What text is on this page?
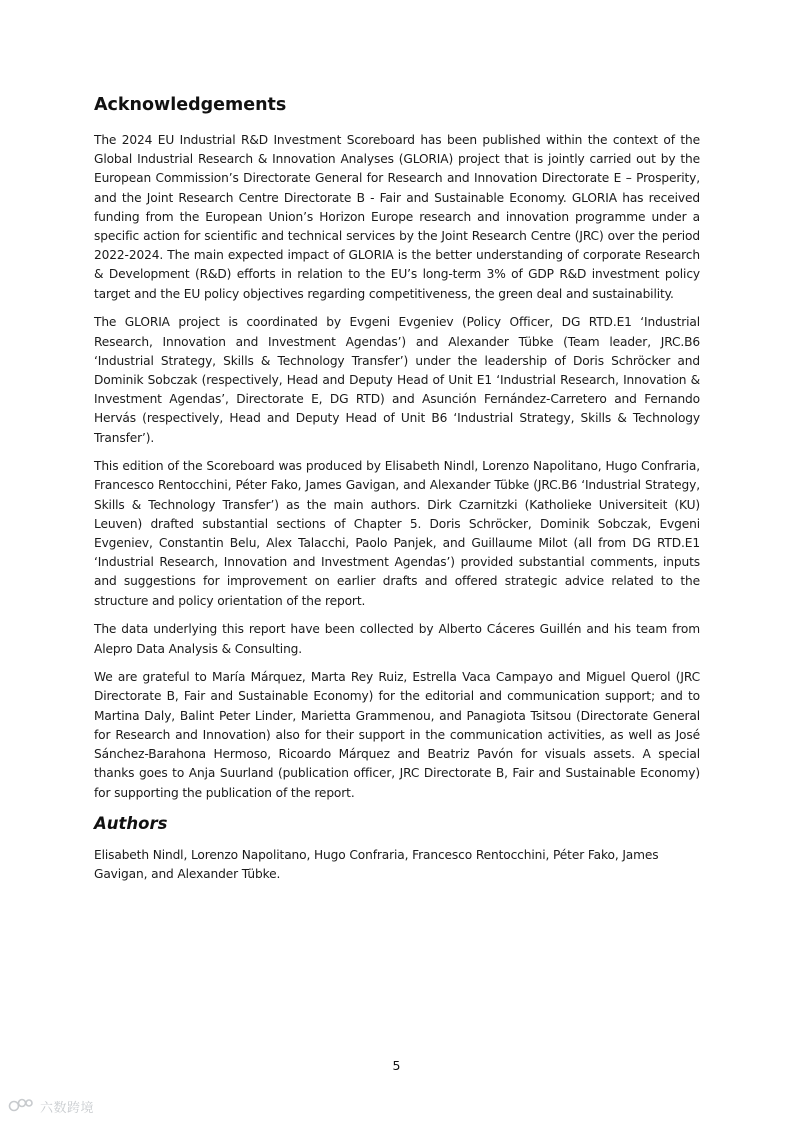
Acknowledgements

The 2024 EU Industrial R&D Investment Scoreboard has been published within the context of the Global Industrial Research & Innovation Analyses (GLORIA) project that is jointly carried out by the European Commission’s Directorate General for Research and Innovation Directorate E – Prosperity, and the Joint Research Centre Directorate B - Fair and Sustainable Economy. GLORIA has received funding from the European Union’s Horizon Europe research and innovation programme under a specific action for scientific and technical services by the Joint Research Centre (JRC) over the period 2022-2024. The main expected impact of GLORIA is the better understanding of corporate Research & Development (R&D) efforts in relation to the EU’s long-term 3% of GDP R&D investment policy target and the EU policy objectives regarding competitiveness, the green deal and sustainability.

The GLORIA project is coordinated by Evgeni Evgeniev (Policy Officer, DG RTD.E1 ‘Industrial Research, Innovation and Investment Agendas’) and Alexander Tübke (Team leader, JRC.B6 ‘Industrial Strategy, Skills & Technology Transfer’) under the leadership of Doris Schröcker and Dominik Sobczak (respectively, Head and Deputy Head of Unit E1 ‘Industrial Research, Innovation & Investment Agendas’, Directorate E, DG RTD) and Asunción Fernández-Carretero and Fernando Hervás (respectively, Head and Deputy Head of Unit B6 ‘Industrial Strategy, Skills & Technology Transfer’).

This edition of the Scoreboard was produced by Elisabeth Nindl, Lorenzo Napolitano, Hugo Confraria, Francesco Rentocchini, Péter Fako, James Gavigan, and Alexander Tübke (JRC.B6 ‘Industrial Strategy, Skills & Technology Transfer’) as the main authors. Dirk Czarnitzki (Katholieke Universiteit (KU) Leuven) drafted substantial sections of Chapter 5. Doris Schröcker, Dominik Sobczak, Evgeni Evgeniev, Constantin Belu, Alex Talacchi, Paolo Panjek, and Guillaume Milot (all from DG RTD.E1 ‘Industrial Research, Innovation and Investment Agendas’) provided substantial comments, inputs and suggestions for improvement on earlier drafts and offered strategic advice related to the structure and policy orientation of the report.

The data underlying this report have been collected by Alberto Cáceres Guillén and his team from Alepro Data Analysis & Consulting.

We are grateful to María Márquez, Marta Rey Ruiz, Estrella Vaca Campayo and Miguel Querol (JRC Directorate B, Fair and Sustainable Economy) for the editorial and communication support; and to Martina Daly, Balint Peter Linder, Marietta Grammenou, and Panagiota Tsitsou (Directorate General for Research and Innovation) also for their support in the communication activities, as well as José Sánchez-Barahona Hermoso, Ricoardo Márquez and Beatriz Pavón for visuals assets. A special thanks goes to Anja Suurland (publication officer, JRC Directorate B, Fair and Sustainable Economy) for supporting the publication of the report.

Authors

Elisabeth Nindl, Lorenzo Napolitano, Hugo Confraria, Francesco Rentocchini, Péter Fako, James Gavigan, and Alexander Tübke.

5
六数跨境
